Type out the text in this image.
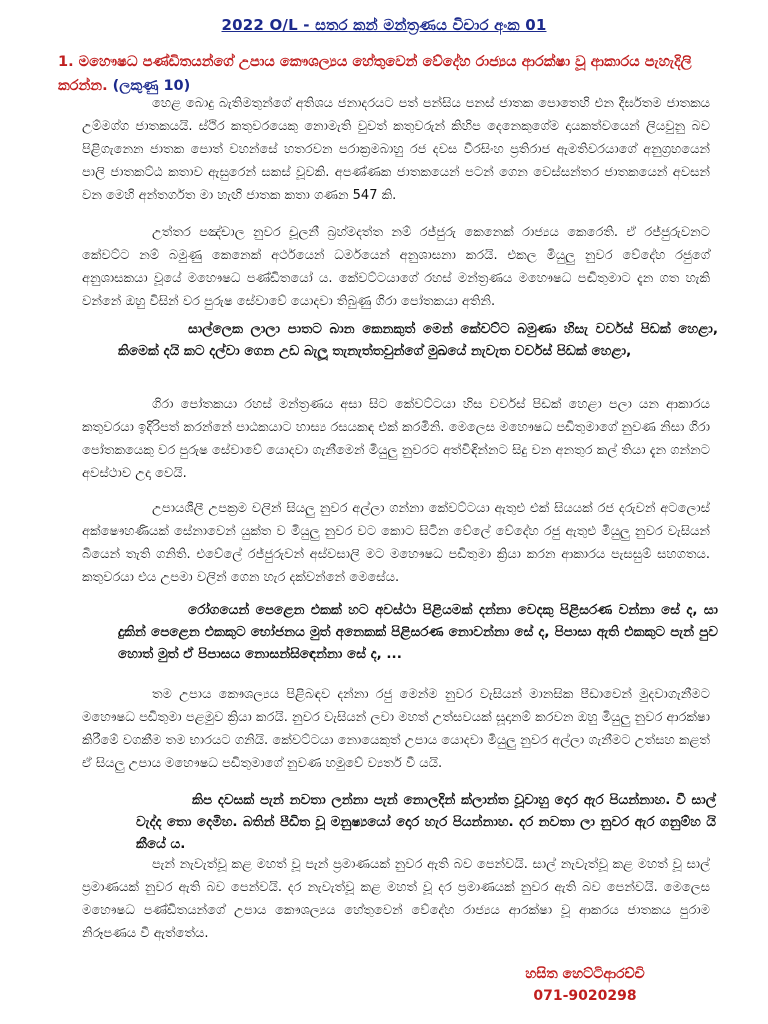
2022 O/L - සතර කන් මන්ත්‍රණය විචාර අංක 01
1. මහෞෂධ පණ්ඩිතයන්ගේ උපාය කෞශල්‍යය හේතුවෙන් වේදේහ රාජ්‍යය ආරක්ෂා වූ ආකාරය පැහැදිලි කරන්න. (ලකුණු 10)

හෙළ බොදු බැතිමතුන්ගේ අතිශය ජනාදරයට පත් පන්සිය පනස් ජාතක පොතෙහි එන දීර්ඝතම ජාතකය උම්මග්ග ජාතකයයි. ස්ථිර කතුවරයෙකු නොමැති වුවත් කතුවරුන් කිහිප දෙනෙකුගේම දායකත්වයෙන් ලියවුනු බව පිළිගැනෙන ජාතක පොත් වහන්සේ හතරවන පරාක්‍රමබාහු රජ දවස වීරසිංහ ප්‍රතිරාජ ඇමතිවරයාගේ අනුග්‍රහයෙන් පාලි ජාතකට්ඨ කතාව ඇසුරෙන් සකස් වූවකි. අපණ්ණක ජාතකයෙන් පටන් ගෙන වෙස්සන්තර ජාතකයෙන් අවසන් වන මෙහි අන්තර්ගත මා හැඟි ජාතක කතා ගණන 547 කි.

උත්තර පඤ්චාල නුවර චූලනී බ්‍රහ්මදත්ත නම් රජ්ජුරු කෙනෙක් රාජ්‍යය කෙරෙති. ඒ රජ්ජුරුවනට කේවට්ට නම් බමුණු කෙනෙක් අර්ථයෙන් ධර්මයෙන් අනුශාසනා කරයි. එකල මියුලු නුවර වේදේහ රජුගේ අනුශාසකයා වූයේ මහෞෂධ පණ්ඩිතයෝ ය. කේවට්ටයාගේ රහස් මන්ත්‍රණය මහෞෂධ පඬිතුමාට දැන ගත හැකි වන්නේ ඔහු විසින් වර පුරුෂ සේවාවේ යොදවා තිබුණු ගිරා පෝතකයා අතිනි.

සාල්ලෙක ලාලා පාතට බාන කෙනකුත් මෙන් කේවට්ට බමුණා හිසැ වර්වස් පිඩක් හෙළා, කිමෙක් දයි කට දල්වා ගෙන උඩ බැලූ තැනැත්තවුන්ගේ මුඛයේ නැවැත වර්වස් පිඩක් හෙළා,

ගිරා පෝතකයා රහස් මන්ත්‍රණය අසා සිට කේවට්ටයා හිස වර්වස් පිඩක් හෙළා පලා යන ආකාරය කතුවරයා ඉදිරිපත් කරන්නේ පාඨකයාට හාස්‍ය රසයකඳ එක් කරමිනි. මෙලෙස මහෞෂධ පඩිතුමාගේ නුවණ නිසා ගිරා පෝතකයෙකු වර පුරුෂ සේවාවේ යොදවා ගැනීමෙන් මියුලු නුවරට අත්විඳින්නට සිදු වන අනතුර කල් තියා දැන ගන්නට අවස්ථාව උදා වෙයි.

උපායශීලී උපක්‍රම වලින් සියලු නුවර අල්ලා ගන්නා කේවට්ටයා ඇතුළු එක් සියයක් රජ දරුවන් අටලොස් අක්ෂෞහණියක් සේනාවෙන් යුක්ත ව මියුලු නුවර වට කොට සිටින වේලේ වේදේහ රජු ඇතුළු මියුලු නුවර වැසියන් බියෙන් තැති ගනිති. එවේලේ රජ්ජුරුවන් අස්වසාලි මට මහෞෂධ පඩිතුමා ක්‍රියා කරන ආකාරය පැසසුම් සහගතය. කතුවරයා එය උපමා වලින් ගෙන හැර දක්වන්නේ මෙසේය.

රෝගයෙන් පෙළෙන එකක් හට අවස්ථා පිළියමක් දන්නා වෙදකු පිළිසරණ වන්නා සේ ද, සා දුකින් පෙළෙන එකකුට භෝජනය මුත් අනෙකක් පිළිසරණ නොවන්නා සේ ද, පිපාසා ඇති එකකුට පැන් පුව හොත් මුත් ඒ පිපාසය නොසන්සිඳෙන්නා සේ ද, ...

තම උපාය කෞශල්‍යය පිළිබඳව දන්නා රජු මෙන්ම නුවර වැසියන් මානසික පීඩාවෙන් මුදවාගැනීමට මහෞෂධ පඩිතුමා පළමුව ක්‍රියා කරයි. නුවර වැසියන් ලවා මහත් උත්සවයක් සූදානම් කරවන ඔහු මියුලු නුවර ආරක්ෂා කිරීමේ වගකීම තම භාරයට ගනියි. කේවට්ටයා නොයෙකුත් උපාය යොදවා මියුලු නුවර අල්ලා ගැනීමට උත්සහ කළත් ඒ සියලු උපාය මහෞෂධ පඩිතුමාගේ නුවණ හමුවේ ව්‍යර්ත වී යයි.

කිප දවසක් පැන් නවතා ලන්නා පැන් නොලදින් ක්ලාන්ත වූවාහු දොර ඇර පියන්නාහ. වී සාල් වැද්ද තො දෙමිහ. බතින් පීඩිත වූ මනුෂ්‍යයෝ දොර හැර පියන්නාහ. දර නවතා ලා නුවර ඇර ගනුම්හ යි කීයේ ය.

පැන් නැවැත්වූ කළ මහත් වූ පැන් ප්‍රමාණයක් නුවර ඇති බව පෙන්වයි. සාල් නැවැත්වූ කළ මහත් වූ සාල් ප්‍රමාණයක් නුවර ඇති බව පෙන්වයි. දර නැවැත්වූ කළ මහත් වූ දර ප්‍රමාණයක් නුවර ඇති බව පෙන්වයි. මෙලෙස මහෞෂධ පණ්ඩිතයන්ගේ උපාය කෞශල්‍යය හේතුවෙන් වේදේහ රාජ්‍යය ආරක්ෂා වූ ආකරය ජාතකය පුරාම නිරූපණය වී ඇත්තේය.

හසිත හෙට්ටිආරච්චි
071-9020298
